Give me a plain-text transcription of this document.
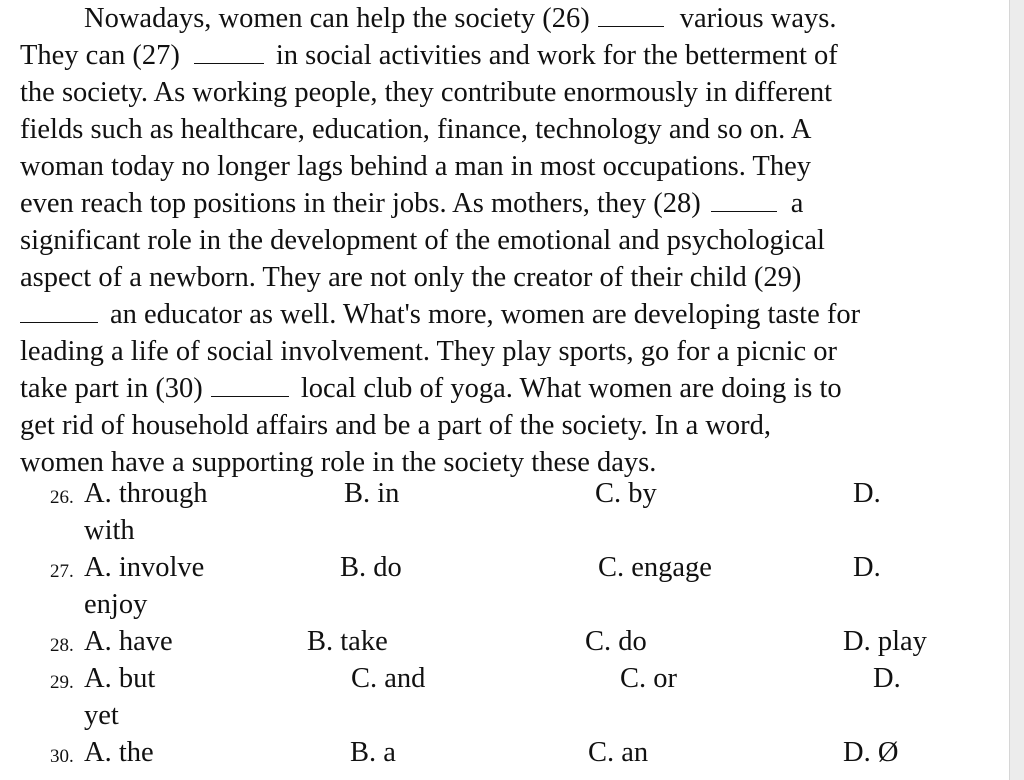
Nowadays, women can help the society (26)	various ways.
They can (27)	in social activities and work for the betterment of
the society. As working people, they contribute enormously in different
fields such as healthcare, education, finance, technology and so on. A
woman today no longer lags behind a man in most occupations. They
even reach top positions in their jobs. As mothers, they (28)	a
significant role in the development of the emotional and psychological
aspect of a newborn. They are not only the creator of their child (29)
an educator as well. What's more, women are developing taste for
leading a life of social involvement. They play sports, go for a picnic or
take part in (30)	local club of yoga. What women are doing is to
get rid of household affairs and be a part of the society. In a word,
women have a supporting role in the society these days.
26. A. through	B. in	C. by	D.
with
27. A. involve	B. do	C. engage	D.
enjoy
28. A. have	B. take	C. do	D. play
29. A. but	C. and	C. or	D.
yet
30. A. the	B. a	C. an	D. Ø
